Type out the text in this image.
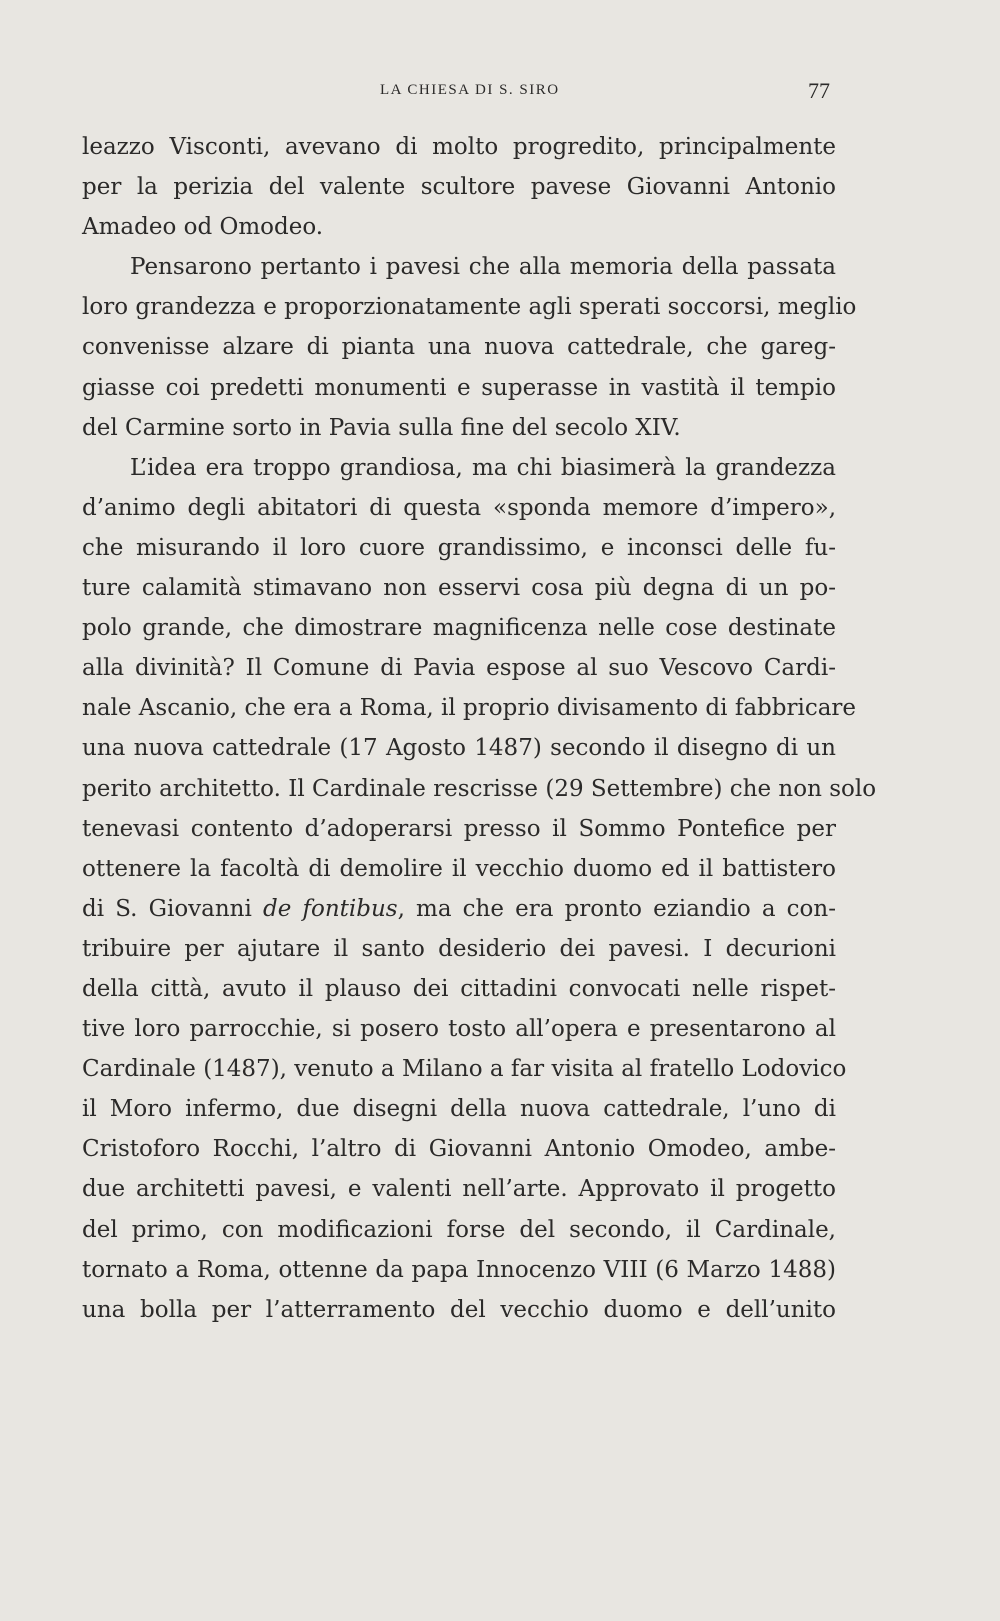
LA CHIESA DI S. SIRO	77
leazzo Visconti, avevano di molto progredito, principalmente
per la perizia del valente scultore pavese Giovanni Antonio
Amadeo od Omodeo.
Pensarono pertanto i pavesi che alla memoria della passata
loro grandezza e proporzionatamente agli sperati soccorsi, meglio
convenisse alzare di pianta una nuova cattedrale, che gareg-
giasse coi predetti monumenti e superasse in vastità il tempio
del Carmine sorto in Pavia sulla fine del secolo XIV.
L’idea era troppo grandiosa, ma chi biasimerà la grandezza
d’animo degli abitatori di questa «sponda memore d’impero»,
che misurando il loro cuore grandissimo, e inconsci delle fu-
ture calamità stimavano non esservi cosa più degna di un po-
polo grande, che dimostrare magnificenza nelle cose destinate
alla divinità? Il Comune di Pavia espose al suo Vescovo Cardi-
nale Ascanio, che era a Roma, il proprio divisamento di fabbricare
una nuova cattedrale (17 Agosto 1487) secondo il disegno di un
perito architetto. Il Cardinale rescrisse (29 Settembre) che non solo
tenevasi contento d’adoperarsi presso il Sommo Pontefice per
ottenere la facoltà di demolire il vecchio duomo ed il battistero
di S. Giovanni de fontibus, ma che era pronto eziandio a con-
tribuire per ajutare il santo desiderio dei pavesi. I decurioni
della città, avuto il plauso dei cittadini convocati nelle rispet-
tive loro parrocchie, si posero tosto all’opera e presentarono al
Cardinale (1487), venuto a Milano a far visita al fratello Lodovico
il Moro infermo, due disegni della nuova cattedrale, l’uno di
Cristoforo Rocchi, l’altro di Giovanni Antonio Omodeo, ambe-
due architetti pavesi, e valenti nell’arte. Approvato il progetto
del primo, con modificazioni forse del secondo, il Cardinale,
tornato a Roma, ottenne da papa Innocenzo VIII (6 Marzo 1488)
una bolla per l’atterramento del vecchio duomo e dell’unito
